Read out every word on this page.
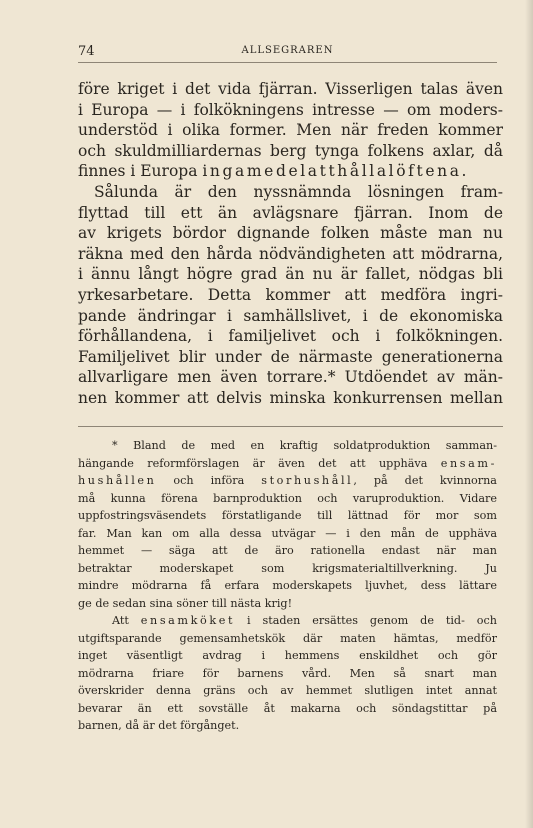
74	ALLSEGRAREN
före kriget i det vida fjärran. Visserligen talas även
i Europa — i folkökningens intresse — om moders-
understöd i olika former. Men när freden kommer
och skuldmilliardernas berg tynga folkens axlar, då
finnes i Europa ingamedelatthållalöftena.
Sålunda är den nyssnämnda lösningen fram-
flyttad till ett än avlägsnare fjärran. Inom de
av krigets bördor dignande folken måste man nu
räkna med den hårda nödvändigheten att mödrarna,
i ännu långt högre grad än nu är fallet, nödgas bli
yrkesarbetare. Detta kommer att medföra ingri-
pande ändringar i samhällslivet, i de ekonomiska
förhållandena, i familjelivet och i folkökningen.
Familjelivet blir under de närmaste generationerna
allvarligare men även torrare.* Utdöendet av män-
nen kommer att delvis minska konkurrensen mellan
* Bland de med en kraftig soldatproduktion samman-
hängande reformförslagen är även det att upphäva ensam-
hushållen och införa storhushåll, på det kvinnorna
må kunna förena barnproduktion och varuproduktion. Vidare
uppfostringsväsendets förstatligande till lättnad för mor som
far. Man kan om alla dessa utvägar — i den mån de upphäva
hemmet — säga att de äro rationella endast när man
betraktar moderskapet som krigsmaterialtillverkning. Ju
mindre mödrarna få erfara moderskapets ljuvhet, dess lättare
ge de sedan sina söner till nästa krig!
Att ensamköket i staden ersättes genom de tid- och
utgiftsparande gemensamhetskök där maten hämtas, medför
inget väsentligt avdrag i hemmens enskildhet och gör
mödrarna friare för barnens vård. Men så snart man
överskrider denna gräns och av hemmet slutligen intet annat
bevarar än ett sovställe åt makarna och söndagstittar på
barnen, då är det förgånget.
